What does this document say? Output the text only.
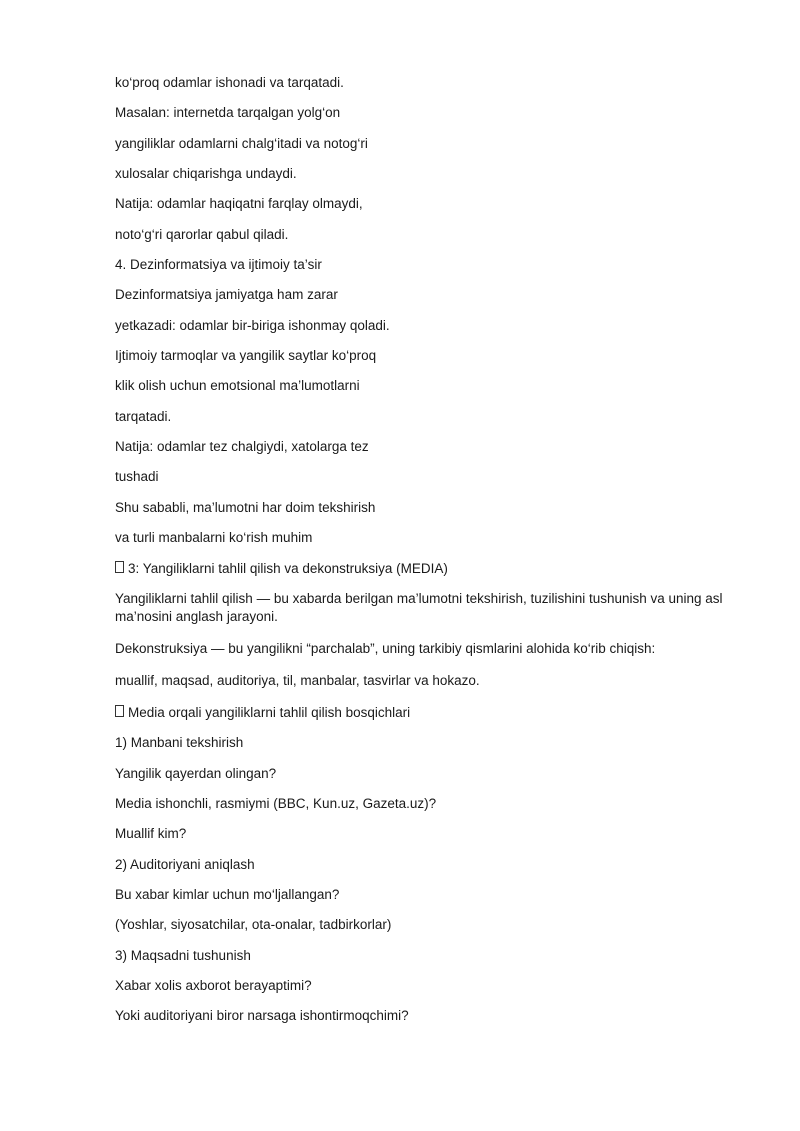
ko‘proq odamlar ishonadi va tarqatadi.
Masalan: internetda tarqalgan yolg‘on
yangiliklar odamlarni chalg‘itadi va notog‘ri
xulosalar chiqarishga undaydi.
Natija: odamlar haqiqatni farqlay olmaydi,
noto‘g‘ri qarorlar qabul qiladi.
4. Dezinformatsiya va ijtimoiy ta’sir
Dezinformatsiya jamiyatga ham zarar
yetkazadi: odamlar bir-biriga ishonmay qoladi.
Ijtimoiy tarmoqlar va yangilik saytlar ko‘proq
klik olish uchun emotsional ma’lumotlarni
tarqatadi.
Natija: odamlar tez chalgiydi, xatolarga tez
tushadi
Shu sababli, ma’lumotni har doim tekshirish
va turli manbalarni ko‘rish muhim
3: Yangiliklarni tahlil qilish va dekonstruksiya (MEDIA)
Yangiliklarni tahlil qilish — bu xabarda berilgan ma’lumotni tekshirish, tuzilishini tushunish va uning asl ma’nosini anglash jarayoni.
Dekonstruksiya — bu yangilikni “parchalab”, uning tarkibiy qismlarini alohida ko‘rib chiqish:
muallif, maqsad, auditoriya, til, manbalar, tasvirlar va hokazo.
Media orqali yangiliklarni tahlil qilish bosqichlari
1) Manbani tekshirish
Yangilik qayerdan olingan?
Media ishonchli, rasmiymi (BBC, Kun.uz, Gazeta.uz)?
Muallif kim?
2) Auditoriyani aniqlash
Bu xabar kimlar uchun mo‘ljallangan?
(Yoshlar, siyosatchilar, ota-onalar, tadbirkorlar)
3) Maqsadni tushunish
Xabar xolis axborot berayaptimi?
Yoki auditoriyani biror narsaga ishontirmoqchimi?
